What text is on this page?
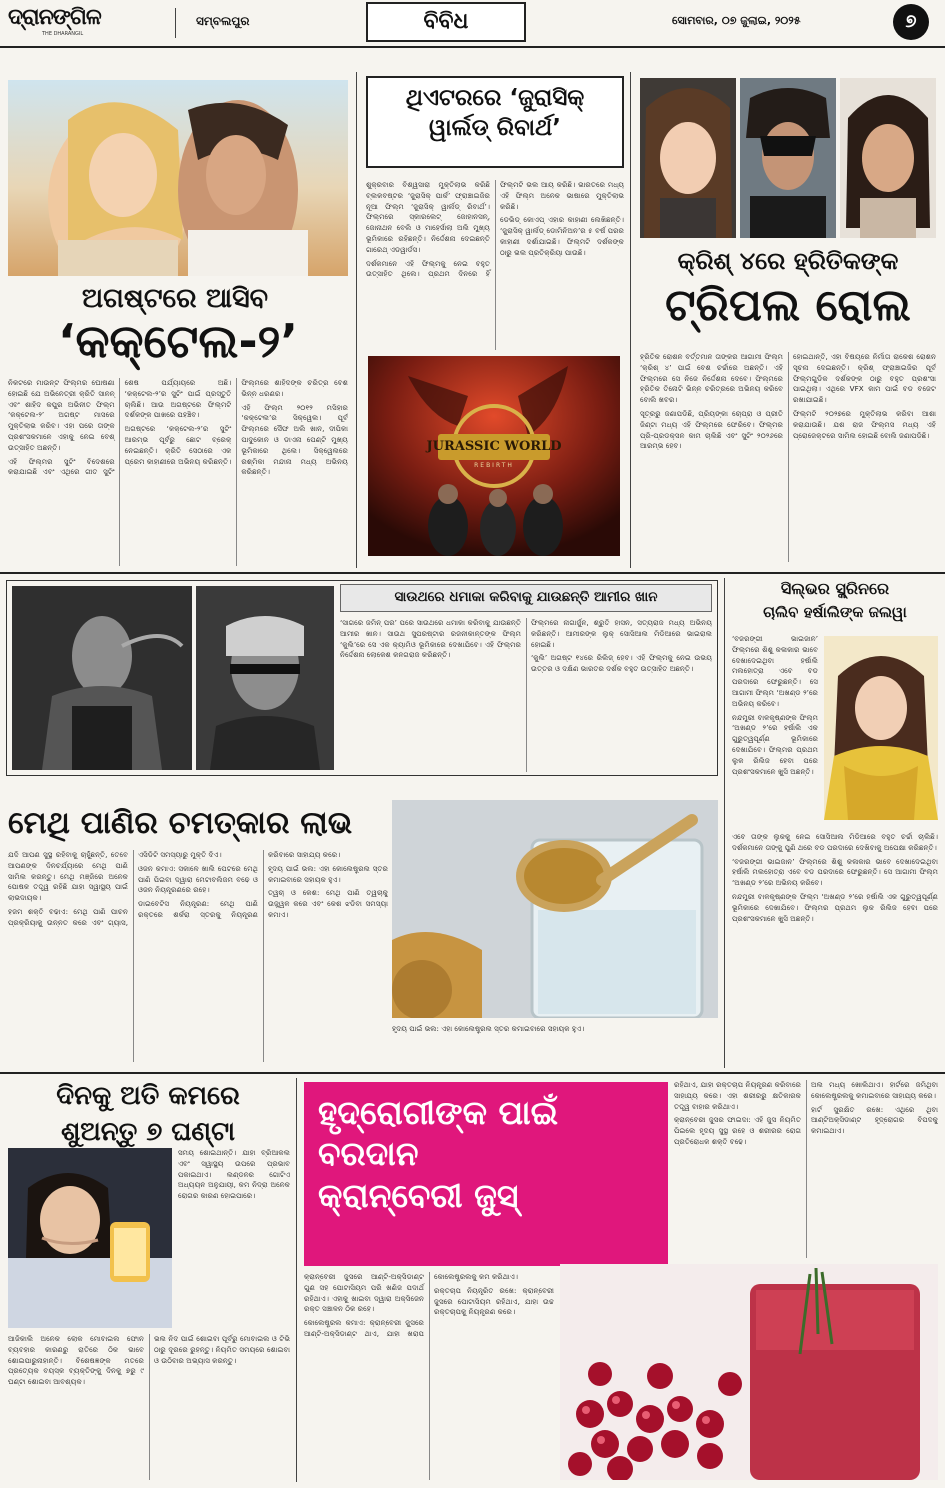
ଦ୍ରାନଙ୍ଗିଳ
THE DHARANGIL
ସମ୍ବଲପୁର	ବିବିଧ	ସୋମବାର, ୦୭ ଜୁଲାଇ, ୨୦୨୫	୭
ଅଗଷ୍ଟରେ ଆସିବ
‘କକ୍‌ଟେଲ-୨’

ନିକଟରେ ମାଉନ୍‌ଟ ଫିଲ୍ମର ଘୋଷଣା ହୋଇଛି ଯେ ଅଭିନେତ୍ରୀ କ୍ରିତି ସାନନ୍ ଏବଂ ଶାହିଦ କପୁର ଅଭିନୀତ ଫିଲ୍ମ ‘କକ୍‌ଟେଲ-୨’ ଅଗଷ୍ଟ ମାସରେ ମୁକ୍ତିଲାଭ କରିବ। ଏହା ପରେ ତାଙ୍କ ପ୍ରଶଂସକମାନେ ଏହାକୁ ନେଇ ବେଶ୍ ଉତ୍ସାହିତ ଅଛନ୍ତି।

ଏହି ଫିଲ୍ମର ସୁଟିଂ ବିଦେଶରେ କରାଯାଇଛି ଏବଂ ଏଥିରେ ଗୀତ ସୁଟିଂ ଶେଷ ପର୍ଯ୍ୟାୟରେ ଅଛି। ‘କକ୍‌ଟେଲ-୨’ର ସୁଟିଂ ପାଇଁ ପ୍ରସ୍ତୁତି ଚାଲିଛି। ଆଉ ଅଗଷ୍ଟରେ ଫିଲ୍ମଟି ଦର୍ଶକଙ୍କ ପାଖରେ ପହଞ୍ଚିବ।

ଅଗଷ୍ଟରେ ‘କକ୍‌ଟେଲ-୨’ର ସୁଟିଂ ଆରମ୍ଭ ପୂର୍ବରୁ ଛୋଟ ବ୍ରେକ୍ ନେଇଛନ୍ତି। କ୍ରିତି ସେଠାରେ ଏକ ପ୍ରେମ କାହାଣୀରେ ଅଭିନୟ କରିଛନ୍ତି। ଫିଲ୍ମରେ ଶାହିଦଙ୍କ ଚରିତ୍ର ବେଶ ଭିନ୍ନ ଧରଣର।

ଏହି ଫିଲ୍ମ ୨୦୧୨ ମସିହାର ‘କକ୍‌ଟେଲ’ର ସିକ୍ୱେଲ। ପୂର୍ବ ଫିଲ୍ମରେ ସୈଫ ଅଲି ଖାନ, ଦୀପିକା ପାଦୁକୋନ ଓ ଡାଏନା ପେଣ୍ଟି ମୁଖ୍ୟ ଭୂମିକାରେ ଥିଲେ। ସିକ୍ୱେଲରେ ରଶ୍ମିକା ମନ୍ଦାନା ମଧ୍ୟ ଅଭିନୟ କରିଛନ୍ତି।

ଥିଏଟରରେ ‘ଜୁରାସିକ୍ ୱାର୍ଲଡ୍ ରିବାର୍ଥ’

ଶୁକ୍ରବାର ବିଶ୍ୱସାରା ମୁକ୍ତିଲାଭ କରିଛି ବ୍ଲକବଷ୍ଟର ‘ଜୁରାସିକ୍ ପାର୍କ’ ଫ୍ରାଞ୍ଚାଇଜିର ନୂଆ ଫିଲ୍ମ ‘ଜୁରାସିକ୍ ୱାର୍ଲଡ୍ ରିବାର୍ଥ’। ଫିଲ୍ମରେ ସ୍କାରଲେଟ୍ ଜୋହାନସନ୍, ଜୋନାଥନ ବେଲି ଓ ମାହେର୍ସାଲା ଅଲି ମୁଖ୍ୟ ଭୂମିକାରେ ରହିଛନ୍ତି। ନିର୍ଦ୍ଦେଶନା ଦେଇଛନ୍ତି ଗାରେଥ୍ ଏଡୱାର୍ଡସ।

ଦର୍ଶକମାନେ ଏହି ଫିଲ୍ମକୁ ନେଇ ବହୁତ ଉତ୍ସାହିତ ଥିଲେ। ପ୍ରଥମ ଦିନରେ ହିଁ ଫିଲ୍ମଟି ଭଲ ଆୟ କରିଛି। ଭାରତରେ ମଧ୍ୟ ଏହି ଫିଲ୍ମ ଅନେକ ଭାଷାରେ ମୁକ୍ତିଲାଭ କରିଛି।

ଡେଭିଡ୍ କୋଏପ୍ ଏହାର କାହାଣୀ ଲେଖିଛନ୍ତି। ‘ଜୁରାସିକ୍ ୱାର୍ଲଡ୍ ଡୋମିନିଅନ’ର ୫ ବର୍ଷ ପରର କାହାଣୀ ଦର୍ଶାଯାଇଛି। ଫିଲ୍ମଟି ଦର୍ଶକଙ୍କ ଠାରୁ ଭଲ ପ୍ରତିକ୍ରିୟା ପାଉଛି।

JURASSIC WORLD
REBIRTH
କ୍ରିଶ୍ ୪ରେ ହ୍ରିତିକଙ୍କ
ଟ୍ରିପଲ ରୋଲ

ହ୍ରିତିକ ରୋଶନ ବର୍ତ୍ତମାନ ତାଙ୍କର ଆଗାମୀ ଫିଲ୍ମ ‘କ୍ରିଶ୍ ୪’ ପାଇଁ ବେଶ ଚର୍ଚ୍ଚାରେ ଅଛନ୍ତି। ଏହି ଫିଲ୍ମରେ ସେ ନିଜେ ନିର୍ଦ୍ଦେଶନା ଦେବେ। ଫିଲ୍ମରେ ହ୍ରିତିକ ତିନୋଟି ଭିନ୍ନ ଚରିତ୍ରରେ ଅଭିନୟ କରିବେ ବୋଲି ଖବର।

ସୂତ୍ରରୁ ଜଣାପଡିଛି, ପ୍ରିୟଙ୍କା ଚୋପ୍ରା ଓ ପ୍ରୀତି ଜିଣ୍ଟା ମଧ୍ୟ ଏହି ଫିଲ୍ମରେ ଫେରିବେ। ଫିଲ୍ମର ପ୍ରି-ପ୍ରଡକ୍ସନ କାମ ଚାଲିଛି ଏବଂ ସୁଟିଂ ୨୦୨୬ରେ ଆରମ୍ଭ ହେବ।

ହୋଇଥାନ୍ତି, ଏହା ବିଷୟରେ ନିର୍ମାତା ରାକେଶ ରୋଶନ ସୂଚନା ଦେଇଛନ୍ତି। କ୍ରିଶ୍ ଫ୍ରାଞ୍ଚାଇଜିର ପୂର୍ବ ଫିଲ୍ମଗୁଡିକ ଦର୍ଶକଙ୍କ ଠାରୁ ବହୁତ ପ୍ରଶଂସା ପାଇଥିଲା। ଏଥିରେ VFX କାମ ପାଇଁ ବଡ ବଜେଟ ରଖାଯାଇଛି।

ଫିଲ୍ମଟି ୨୦୨୭ରେ ମୁକ୍ତିଲାଭ କରିବା ଆଶା କରାଯାଉଛି। ଯଶ ରାଜ ଫିଲ୍ମସ ମଧ୍ୟ ଏହି ପ୍ରୋଜେକ୍ଟରେ ସାମିଲ ହୋଇଛି ବୋଲି ଜଣାପଡିଛି।

ସାଉଥରେ ଧମାକା କରିବାକୁ ଯାଉଛନ୍ତି ଆମୀର ଖାନ

‘ସାଗରେ ଜମିନ୍ ପର’ ପରେ ସାଉଥରେ ଧମାକା କରିବାକୁ ଯାଉଛନ୍ତି ଆମୀର ଖାନ। ସାଉଥ ସୁପରଷ୍ଟାର ରଜନୀକାନ୍ତଙ୍କ ଫିଲ୍ମ ‘କୁଲି’ରେ ସେ ଏକ କ୍ୟାମିଓ ଭୂମିକାରେ ଦେଖାଯିବେ। ଏହି ଫିଲ୍ମର ନିର୍ଦ୍ଦେଶନା ଲୋକେଶ କନଗରାଜ କରିଛନ୍ତି।

ଫିଲ୍ମରେ ନାଗାର୍ଜୁନ, ଶ୍ରୁତି ହାସନ, ସତ୍ୟରାଜ ମଧ୍ୟ ଅଭିନୟ କରିଛନ୍ତି। ଆମୀରଙ୍କ ଲୁକ୍ ସୋସିଆଲ ମିଡିଆରେ ଭାଇରାଲ ହୋଇଛି।

‘କୁଲି’ ଅଗଷ୍ଟ ୧୪ରେ ରିଲିଜ୍ ହେବ। ଏହି ଫିଲ୍ମକୁ ନେଇ ଉଭୟ ଉତ୍ତର ଓ ଦକ୍ଷିଣ ଭାରତର ଦର୍ଶକ ବହୁତ ଉତ୍ସାହିତ ଅଛନ୍ତି।

ସିଲ୍‌ଭର ସ୍କ୍ରିନରେ
ଚାଲିବ ହର୍ଷାଲିଙ୍କ ଜଲୱା

‘ବଜରଙ୍ଗୀ ଭାଇଜାନ’ ଫିଲ୍ମରେ ଶିଶୁ କଳାକାର ଭାବେ ଦେଖାଦେଇଥିବା ହର୍ଷାଲି ମଲହୋତ୍ରା ଏବେ ବଡ ପରଦାରେ ଫେରୁଛନ୍ତି। ସେ ଆଗାମୀ ଫିଲ୍ମ ‘ଅଖଣ୍ଡ ୨’ରେ ଅଭିନୟ କରିବେ।

ନନ୍ଦମୁରୀ ବାଳକୃଷ୍ଣଙ୍କ ଫିଲ୍ମ ‘ଅଖଣ୍ଡ ୨’ରେ ହର୍ଷାଲି ଏକ ଗୁରୁତ୍ୱପୂର୍ଣ୍ଣ ଭୂମିକାରେ ଦେଖାଯିବେ। ଫିଲ୍ମର ପ୍ରଥମ ଲୁକ ରିଲିଜ ହେବା ପରେ ପ୍ରଶଂସକମାନେ ଖୁସି ଅଛନ୍ତି।

ଏବେ ତାଙ୍କ ଲୁକକୁ ନେଇ ସୋସିଆଲ ମିଡିଆରେ ବହୁତ ଚର୍ଚ୍ଚା ଚାଲିଛି। ଦର୍ଶକମାନେ ତାଙ୍କୁ ପୁଣି ଥରେ ବଡ ପରଦାରେ ଦେଖିବାକୁ ଅପେକ୍ଷା କରିଛନ୍ତି।

‘ବଜରଙ୍ଗୀ ଭାଇଜାନ’ ଫିଲ୍ମରେ ଶିଶୁ କଳାକାର ଭାବେ ଦେଖାଦେଇଥିବା ହର୍ଷାଲି ମଲହୋତ୍ରା ଏବେ ବଡ ପରଦାରେ ଫେରୁଛନ୍ତି। ସେ ଆଗାମୀ ଫିଲ୍ମ ‘ଅଖଣ୍ଡ ୨’ରେ ଅଭିନୟ କରିବେ।

ନନ୍ଦମୁରୀ ବାଳକୃଷ୍ଣଙ୍କ ଫିଲ୍ମ ‘ଅଖଣ୍ଡ ୨’ରେ ହର୍ଷାଲି ଏକ ଗୁରୁତ୍ୱପୂର୍ଣ୍ଣ ଭୂମିକାରେ ଦେଖାଯିବେ। ଫିଲ୍ମର ପ୍ରଥମ ଲୁକ ରିଲିଜ ହେବା ପରେ ପ୍ରଶଂସକମାନେ ଖୁସି ଅଛନ୍ତି।

ମେଥି ପାଣିର ଚମତ୍କାର ଲାଭ

ଯଦି ଆପଣ ସୁସ୍ଥ ରହିବାକୁ ଚାହୁଁଛନ୍ତି, ତେବେ ଆପଣଙ୍କ ଦିନଚର୍ଯ୍ୟାରେ ମେଥି ପାଣି ସାମିଲ କରନ୍ତୁ। ମେଥି ମଞ୍ଜିରେ ଅନେକ ପୋଷକ ତତ୍ତ୍ୱ ରହିଛି ଯାହା ସ୍ୱାସ୍ଥ୍ୟ ପାଇଁ ଲାଭଦାୟକ।

ହଜମ ଶକ୍ତି ବଢାଏ: ମେଥି ପାଣି ପାଚନ ପ୍ରକ୍ରିୟାକୁ ଉନ୍ନତ କରେ ଏବଂ ଗ୍ୟାସ, ଏସିଡିଟି ସମସ୍ୟାରୁ ମୁକ୍ତି ଦିଏ।

ଓଜନ କମାଏ: ସକାଳେ ଖାଲି ପେଟରେ ମେଥି ପାଣି ପିଇବା ଦ୍ୱାରା ମେଟାବଲିଜମ ବଢେ ଓ ଓଜନ ନିୟନ୍ତ୍ରଣରେ ରହେ।

ଡାଇବେଟିସ ନିୟନ୍ତ୍ରଣ: ମେଥି ପାଣି ରକ୍ତରେ ଶର୍କରା ସ୍ତରକୁ ନିୟନ୍ତ୍ରଣ କରିବାରେ ସାହାଯ୍ୟ କରେ।

ହୃଦୟ ପାଇଁ ଭଲ: ଏହା କୋଲେଷ୍ଟ୍ରଲ ସ୍ତର କମାଇବାରେ ସହାୟକ ହୁଏ।

ତ୍ୱଚା ଓ କେଶ: ମେଥି ପାଣି ତ୍ୱଚାକୁ ଉଜ୍ଜ୍ୱଳ କରେ ଏବଂ କେଶ ଝଡିବା ସମସ୍ୟା କମାଏ।

ହୃଦୟ ପାଇଁ ଭଲ: ଏହା କୋଲେଷ୍ଟ୍ରଲ ସ୍ତର କମାଇବାରେ ସହାୟକ ହୁଏ।

ଦିନକୁ ଅତି କମରେ
ଶୁଅନ୍ତୁ ୭ ଘଣ୍ଟା

ସମୟ ଶୋଇଥାନ୍ତି। ଯାହା ବ୍ରିଆକଲ ଏବଂ ସ୍ୱାସ୍ଥ୍ୟ ଉପରେ ପ୍ରଭାବ ପକାଇଥାଏ। ଲଣ୍ଡନର ଗୋଟିଏ ଅଧ୍ୟୟନ ଅନୁଯାୟୀ, କମ ନିଦ୍ରା ଅନେକ ରୋଗର କାରଣ ହୋଇପାରେ।

ଆଜିକାଲି ଅନେକ ଲୋକ ମୋବାଇଲ ଫୋନ ବ୍ୟବହାର କାରଣରୁ ରାତିରେ ଠିକ ଭାବେ ଶୋଇପାରୁନାହାନ୍ତି। ବିଶେଷଜ୍ଞଙ୍କ ମତରେ ପ୍ରତ୍ୟେକ ବୟସ୍କ ବ୍ୟକ୍ତିଙ୍କୁ ଦିନକୁ ୭ରୁ ୯ ଘଣ୍ଟା ଶୋଇବା ଆବଶ୍ୟକ।

ଭଲ ନିଦ ପାଇଁ ଶୋଇବା ପୂର୍ବରୁ ମୋବାଇଲ ଓ ଟିଭି ଠାରୁ ଦୂରରେ ରୁହନ୍ତୁ। ନିୟମିତ ସମୟରେ ଶୋଇବା ଓ ଉଠିବାର ଅଭ୍ୟାସ କରନ୍ତୁ।

ହୃଦ୍‌ରୋଗୀଙ୍କ ପାଇଁ
ବରଦାନ
କ୍ରାନ୍‌ବେରୀ ଜୁସ୍

ରହିଥାଏ, ଯାହା ରକ୍ତଚାପ ନିୟନ୍ତ୍ରଣ କରିବାରେ ସାହାଯ୍ୟ କରେ। ଏହା ଶରୀରରୁ କ୍ଷତିକାରକ ତତ୍ତ୍ୱ ବାହାର କରିଥାଏ।

କ୍ରାନ୍‌ବେରୀ ଜୁସର ଫାଇଦା: ଏହି ଜୁସ ନିୟମିତ ପିଇଲେ ହୃଦୟ ସୁସ୍ଥ ରହେ ଓ ଶରୀରର ରୋଗ ପ୍ରତିରୋଧକ ଶକ୍ତି ବଢେ।

ଅଲ ମଧ୍ୟ ଖୋଲିଥାଏ। ହାର୍ଟରେ ଜମିଥିବା କୋଲେଷ୍ଟ୍ରଲକୁ କମାଇବାରେ ସାହାଯ୍ୟ କରେ।

ହାର୍ଟ ସୁରକ୍ଷିତ ରଖେ: ଏଥିରେ ଥିବା ଆଣ୍ଟିଅକ୍ସିଡାଣ୍ଟ ହୃଦ୍‌ରୋଗର ବିପଦକୁ କମାଇଥାଏ।

କ୍ରାନ୍‌ବେରୀ ଜୁସରେ ଆଣ୍ଟି-ଅକ୍ସିଡାଣ୍ଟ ଗୁଣ ସହ ପୋଟାସିୟମ ପରି ଖଣିଜ ପଦାର୍ଥ ରହିଥାଏ। ଏହାକୁ ଖାଇବା ଦ୍ୱାରା ଅକ୍ସିଜେନ ରକ୍ତ ସଞ୍ଚାଳନ ଠିକ ରହେ।

କୋଲେଷ୍ଟ୍ରଲ କମାଏ: କ୍ରାନ୍‌ବେରୀ ଜୁସରେ ଆଣ୍ଟି-ଅକ୍ସିଡାଣ୍ଟ ଥାଏ, ଯାହା ଖରାପ କୋଲେଷ୍ଟ୍ରଲକୁ କମ କରିଥାଏ।

ରକ୍ତଚାପ ନିୟନ୍ତ୍ରିତ ରଖେ: କ୍ରାନ୍‌ବେରୀ ଜୁସରେ ପୋଟାସିୟମ ରହିଥାଏ, ଯାହା ଉଚ୍ଚ ରକ୍ତଚାପକୁ ନିୟନ୍ତ୍ରଣ କରେ।
